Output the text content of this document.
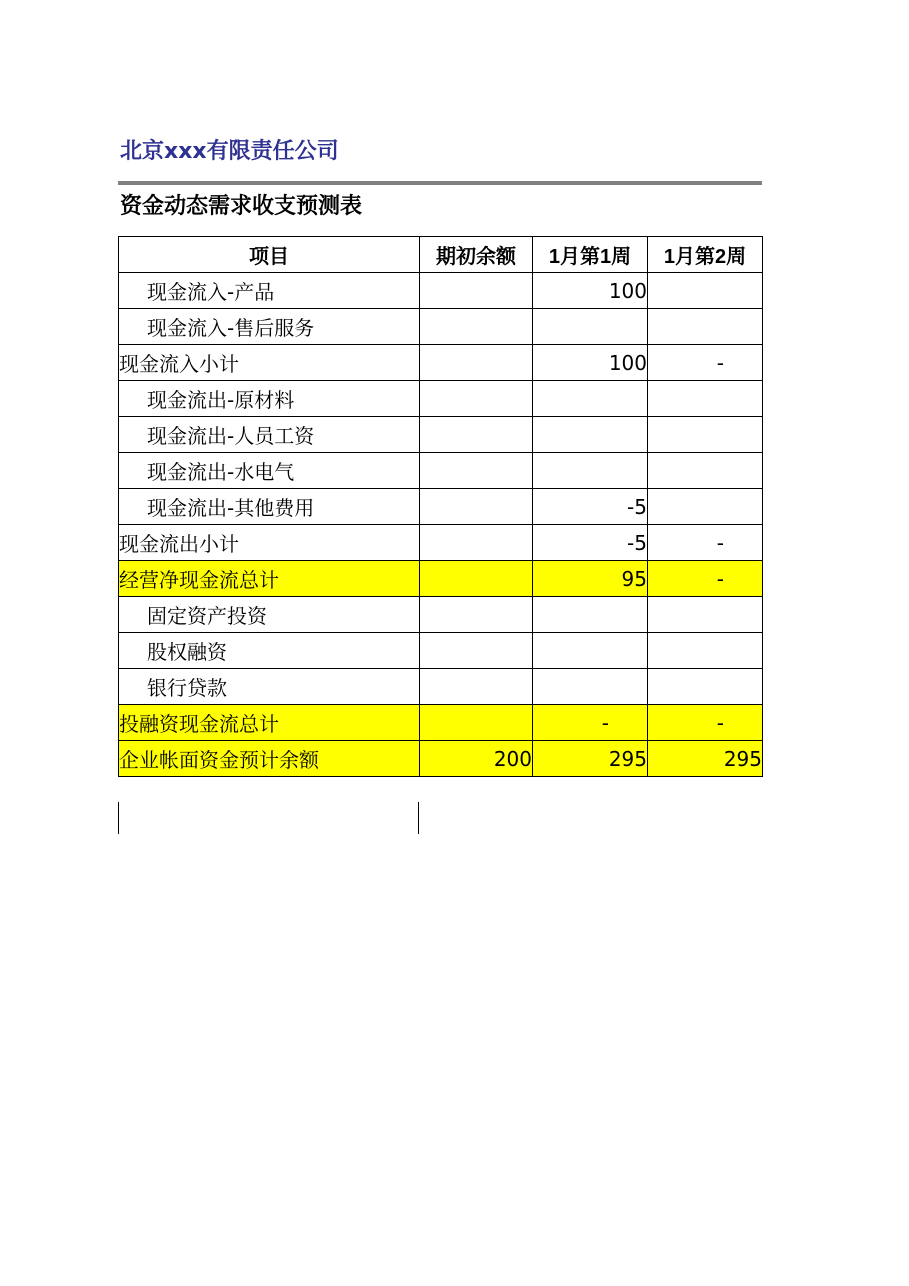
北京xxx有限责任公司
资金动态需求收支预测表
项目	期初余额	1月第1周	1月第2周
现金流入-产品		100	
现金流入-售后服务			
现金流入小计		100	-
现金流出-原材料			
现金流出-人员工资			
现金流出-水电气			
现金流出-其他费用		-5	
现金流出小计		-5	-
经营净现金流总计		95	-
固定资产投资			
股权融资			
银行贷款			
投融资现金流总计		-	-
企业帐面资金预计余额	200	295	295
